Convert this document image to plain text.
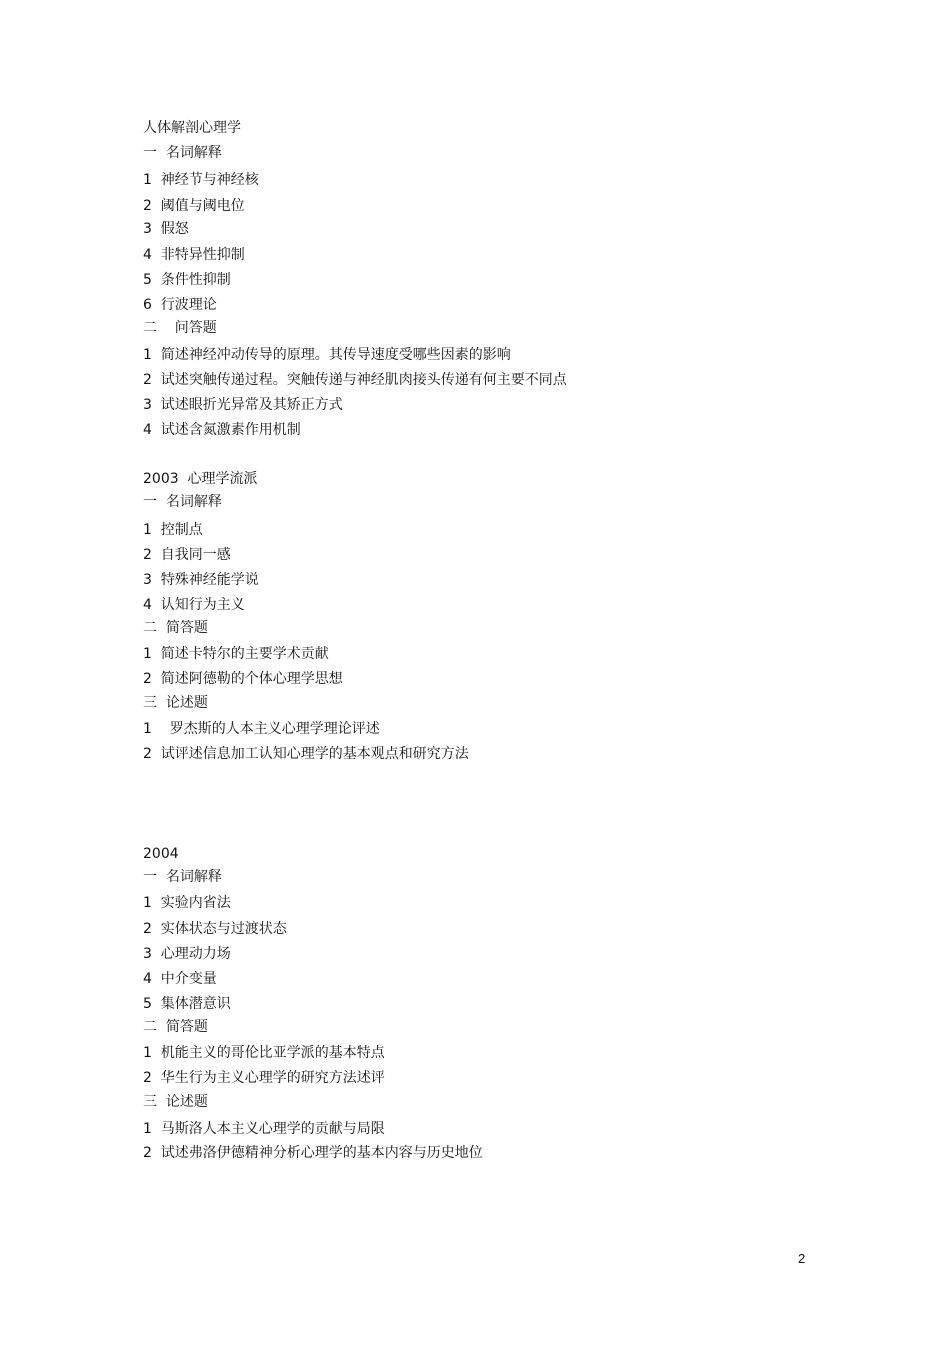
人体解剖心理学

一  名词解释

1  神经节与神经核

2  阈值与阈电位

3  假怒

4  非特异性抑制

5  条件性抑制

6  行波理论

二    问答题

1  简述神经冲动传导的原理。其传导速度受哪些因素的影响

2  试述突触传递过程。突触传递与神经肌肉接头传递有何主要不同点

3  试述眼折光异常及其矫正方式

4  试述含氮激素作用机制

2003  心理学流派

一  名词解释

1  控制点

2  自我同一感

3  特殊神经能学说

4  认知行为主义

二  简答题

1  简述卡特尔的主要学术贡献

2  简述阿德勒的个体心理学思想

三  论述题

1    罗杰斯的人本主义心理学理论评述

2  试评述信息加工认知心理学的基本观点和研究方法

2004

一  名词解释

1  实验内省法

2  实体状态与过渡状态

3  心理动力场

4  中介变量

5  集体潜意识

二  简答题

1  机能主义的哥伦比亚学派的基本特点

2  华生行为主义心理学的研究方法述评

三  论述题

1  马斯洛人本主义心理学的贡献与局限

2  试述弗洛伊德精神分析心理学的基本内容与历史地位

2
